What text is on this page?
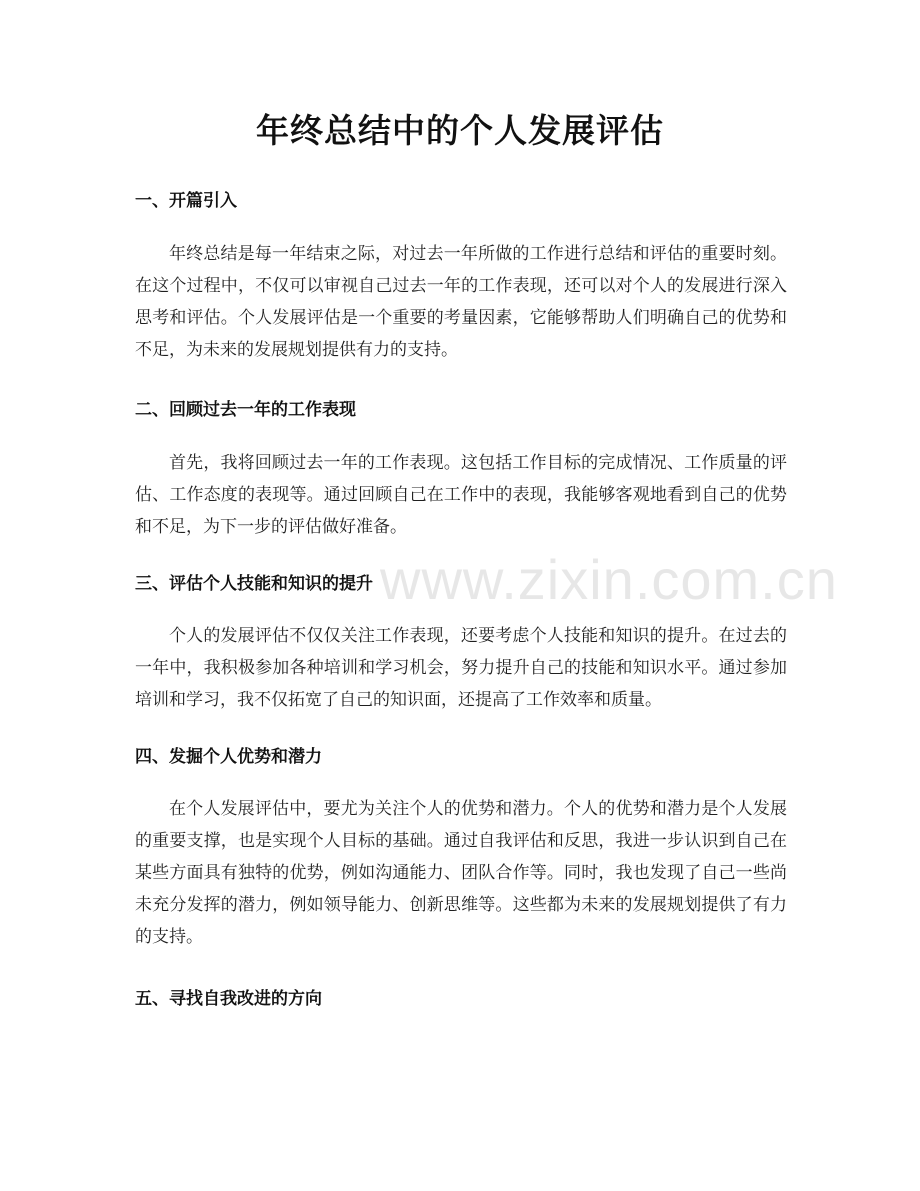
年终总结中的个人发展评估
一、开篇引入
年终总结是每一年结束之际，对过去一年所做的工作进行总结和评估的重要时刻。在这个过程中，不仅可以审视自己过去一年的工作表现，还可以对个人的发展进行深入思考和评估。个人发展评估是一个重要的考量因素，它能够帮助人们明确自己的优势和不足，为未来的发展规划提供有力的支持。
二、回顾过去一年的工作表现
首先，我将回顾过去一年的工作表现。这包括工作目标的完成情况、工作质量的评估、工作态度的表现等。通过回顾自己在工作中的表现，我能够客观地看到自己的优势和不足，为下一步的评估做好准备。
三、评估个人技能和知识的提升
个人的发展评估不仅仅关注工作表现，还要考虑个人技能和知识的提升。在过去的一年中，我积极参加各种培训和学习机会，努力提升自己的技能和知识水平。通过参加培训和学习，我不仅拓宽了自己的知识面，还提高了工作效率和质量。
四、发掘个人优势和潜力
在个人发展评估中，要尤为关注个人的优势和潜力。个人的优势和潜力是个人发展的重要支撑，也是实现个人目标的基础。通过自我评估和反思，我进一步认识到自己在某些方面具有独特的优势，例如沟通能力、团队合作等。同时，我也发现了自己一些尚未充分发挥的潜力，例如领导能力、创新思维等。这些都为未来的发展规划提供了有力的支持。
五、寻找自我改进的方向
www.zixin.com.cn
